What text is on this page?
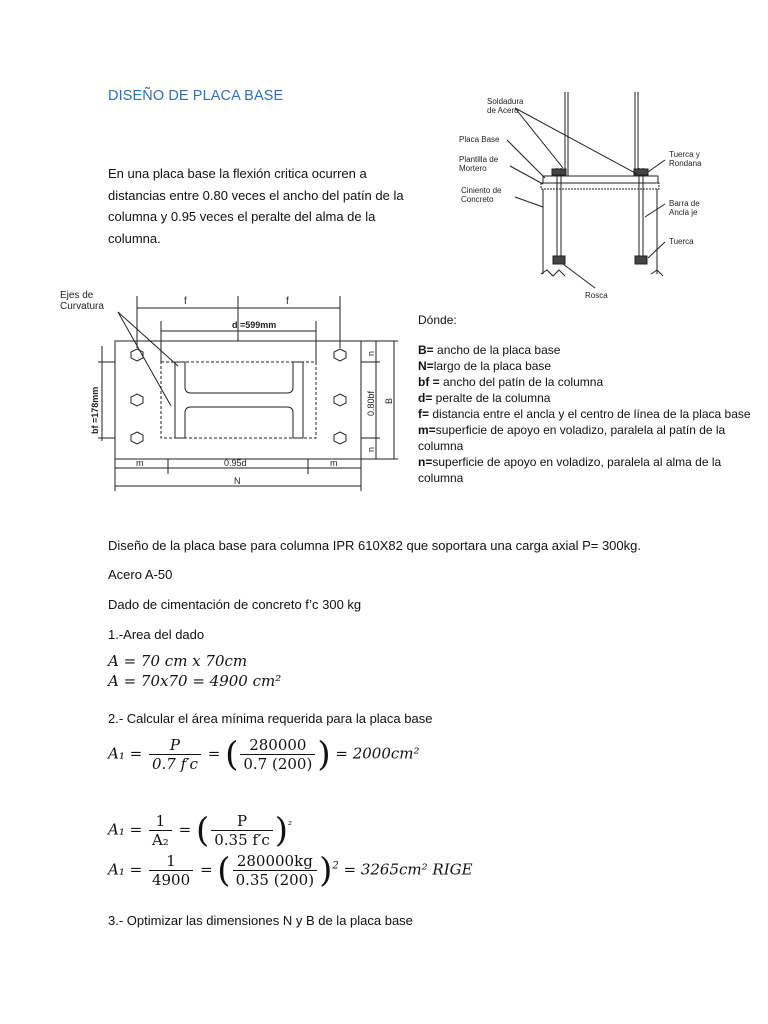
DISEÑO DE PLACA BASE
En una placa base la flexión critica ocurren a
distancias entre 0.80 veces el ancho del patín de la
columna y 0.95 veces el peralte del alma de la
columna.
Soldadura
de Acero
Placa Base
Plantilla de
Mortero
Ciniento de
Concreto
Tuerca y
Rondana
Barra de
Ancla je
Tuerca
Rosca
Ejes de
Curvatura	f	f
d =599mm
bf =178mm
n
n
0.80bf B
m	m
0.95d
N
Dónde:
B= ancho de la placa base
N=largo de la placa base
bf = ancho del patín de la columna
d= peralte de la columna
f= distancia entre el ancla y el centro de línea de la placa base
m=superficie de apoyo en voladizo, paralela al patín de la columna
n=superficie de apoyo en voladizo, paralela al alma de la columna
Diseño de la placa base para columna IPR 610X82 que soportara una carga axial P= 300kg.
Acero A-50
Dado de cimentación de concreto f’c 300 kg
1.-Area del dado
A = 70 cm x 70cm
A = 70x70 = 4900 cm²
2.- Calcular el área mínima requerida para la placa base
$A_1 = \frac{P}{0.7 f'c}$ = ( $\frac{280000}{0.7 (200)}$ ) = 2000cm²
$A_1 = \frac{1}{\text{A₂}}$ = ( $\frac{P}{0.35 f'c} )^{^2}$
$A_1 = \frac{1}{4900}$ = ( $\frac{280000kg}{0.35 (200)} )^2 = 3265cm^2$ RIGE
3.- Optimizar las dimensiones N y B de la placa base
